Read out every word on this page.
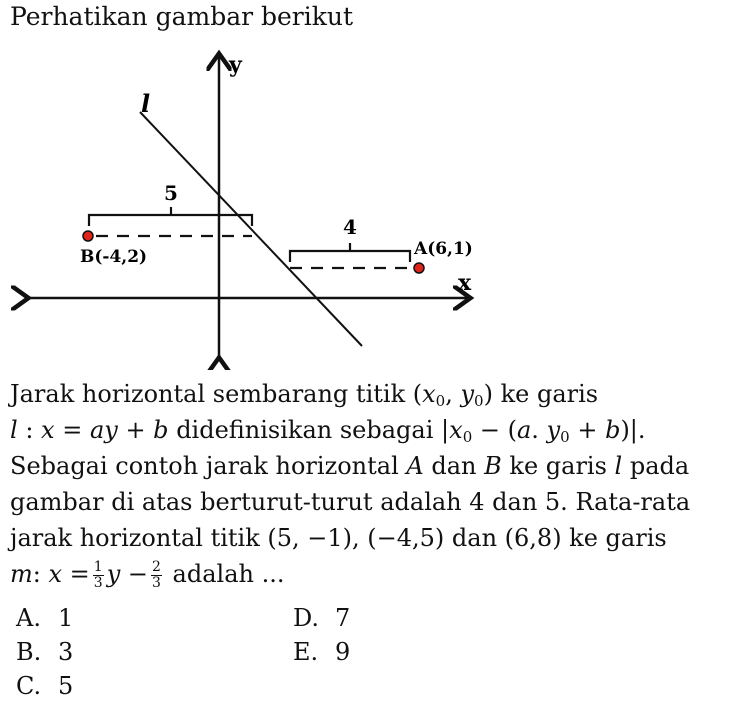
Perhatikan gambar berikut
y
x
l
5
B(-4,2)
4
A(6,1)
Jarak horizontal sembarang titik ($x_0$, $y_0$) ke garis
l : x = ay + b didefinisikan sebagai $|x_0 - (a$. $y_0 + b)|$.
Sebagai contoh jarak horizontal A dan B ke garis l pada
gambar di atas berturut-turut adalah 4 dan 5. Rata-rata
jarak horizontal titik (5, −1), (−4,5) dan (6,8) ke garis
m: $x = \frac{1}{3}$ $y - \frac{2}{3}$ adalah ...
A. 1
B. 3
C. 5
D. 7
E. 9
